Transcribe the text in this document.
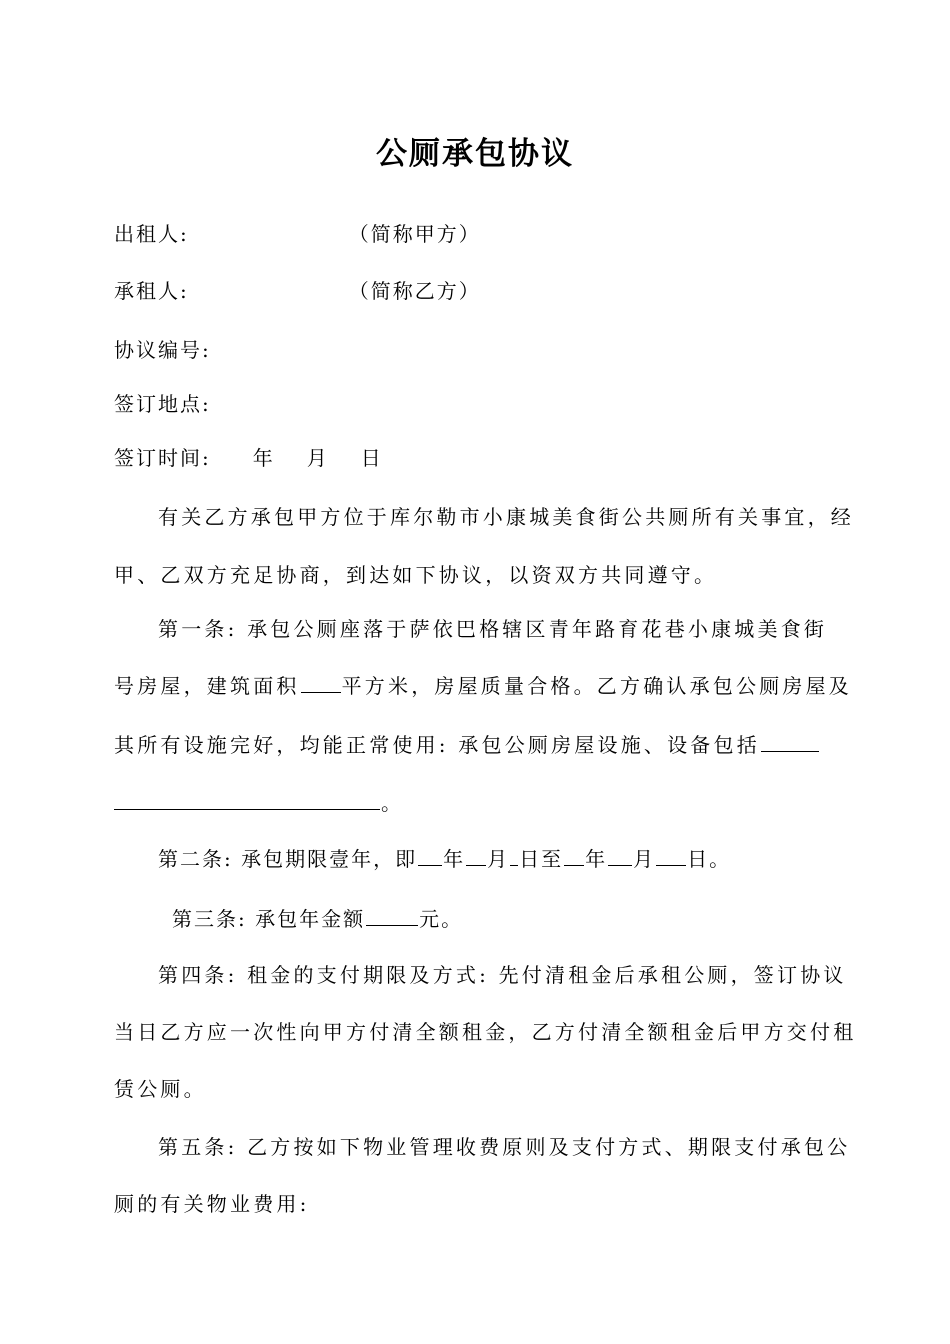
公厕承包协议
出租人:	（简称甲方）
承租人:	（简称乙方）
协议编号:
签订地点:
签订时间: 年 月 日
有关乙方承包甲方位于库尔勒市小康城美食街公共厕所有关事宜，经
甲、乙双方充足协商，到达如下协议，以资双方共同遵守。
第一条: 承包公厕座落于萨依巴格辖区青年路育花巷小康城美食街
号房屋，建筑面积 平方米，房屋质量合格。乙方确认承包公厕房屋及
其所有设施完好，均能正常使用: 承包公厕房屋设施、设备包括
。
第二条: 承包期限壹年，即 年 月 日至 年 月 日。
第三条: 承包年金额	元。
第四条: 租金的支付期限及方式: 先付清租金后承租公厕，签订协议
当日乙方应一次性向甲方付清全额租金，乙方付清全额租金后甲方交付租
赁公厕。
第五条: 乙方按如下物业管理收费原则及支付方式、期限支付承包公
厕的有关物业费用:
